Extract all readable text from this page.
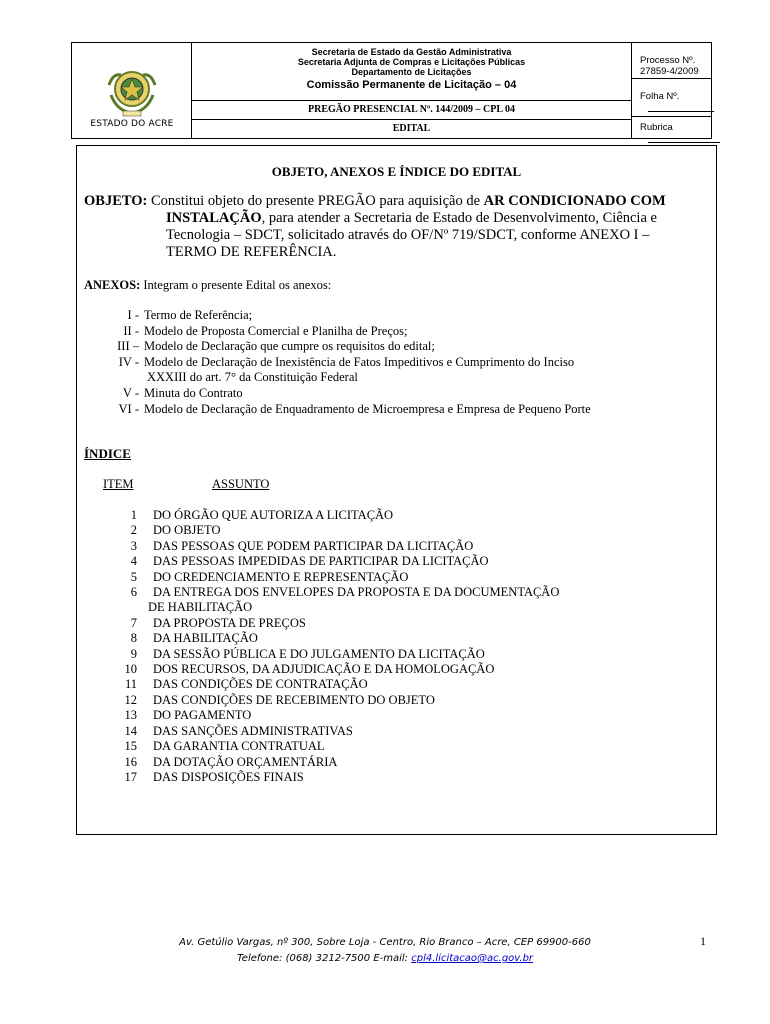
ESTADO DO ACRE
Secretaria de Estado da Gestão Administrativa
Secretaria Adjunta de Compras e Licitações Públicas
Departamento de Licitações
Comissão Permanente de Licitação – 04
PREGÃO PRESENCIAL Nº. 144/2009 – CPL 04
EDITAL
Processo Nº. 27859-4/2009
Folha Nº.
Rubrica
OBJETO, ANEXOS E ÍNDICE DO EDITAL
OBJETO: Constitui objeto do presente PREGÃO para aquisição de AR CONDICIONADO COM
INSTALAÇÃO, para atender a Secretaria de Estado de Desenvolvimento, Ciência e
Tecnologia – SDCT, solicitado através do OF/Nº 719/SDCT, conforme ANEXO I –
TERMO DE REFERÊNCIA.
ANEXOS: Integram o presente Edital os anexos:
I - Termo de Referência;
II - Modelo de Proposta Comercial e Planilha de Preços;
III – Modelo de Declaração que cumpre os requisitos do edital;
IV - Modelo de Declaração de Inexistência de Fatos Impeditivos e Cumprimento do Inciso
XXXIII do art. 7° da Constituição Federal
V - Minuta do Contrato
VI - Modelo de Declaração de Enquadramento de Microempresa e Empresa de Pequeno Porte
ÍNDICE
ITEM	ASSUNTO
1 DO ÓRGÃO QUE AUTORIZA A LICITAÇÃO
2 DO OBJETO
3 DAS PESSOAS QUE PODEM PARTICIPAR DA LICITAÇÃO
4 DAS PESSOAS IMPEDIDAS DE PARTICIPAR DA LICITAÇÃO
5 DO CREDENCIAMENTO E REPRESENTAÇÃO
6 DA ENTREGA DOS ENVELOPES DA PROPOSTA E DA DOCUMENTAÇÃO
DE HABILITAÇÃO
7 DA PROPOSTA DE PREÇOS
8 DA HABILITAÇÃO
9 DA SESSÃO PÚBLICA E DO JULGAMENTO DA LICITAÇÃO
10 DOS RECURSOS, DA ADJUDICAÇÃO E DA HOMOLOGAÇÃO
11 DAS CONDIÇÕES DE CONTRATAÇÃO
12 DAS CONDIÇÕES DE RECEBIMENTO DO OBJETO
13 DO PAGAMENTO
14 DAS SANÇÕES ADMINISTRATIVAS
15 DA GARANTIA CONTRATUAL
16 DA DOTAÇÃO ORÇAMENTÁRIA
17 DAS DISPOSIÇÕES FINAIS
Av. Getúlio Vargas, nº 300, Sobre Loja - Centro, Rio Branco – Acre, CEP 69900-660
Telefone: (068) 3212-7500 E-mail: cpl4.licitacao@ac.gov.br
1
